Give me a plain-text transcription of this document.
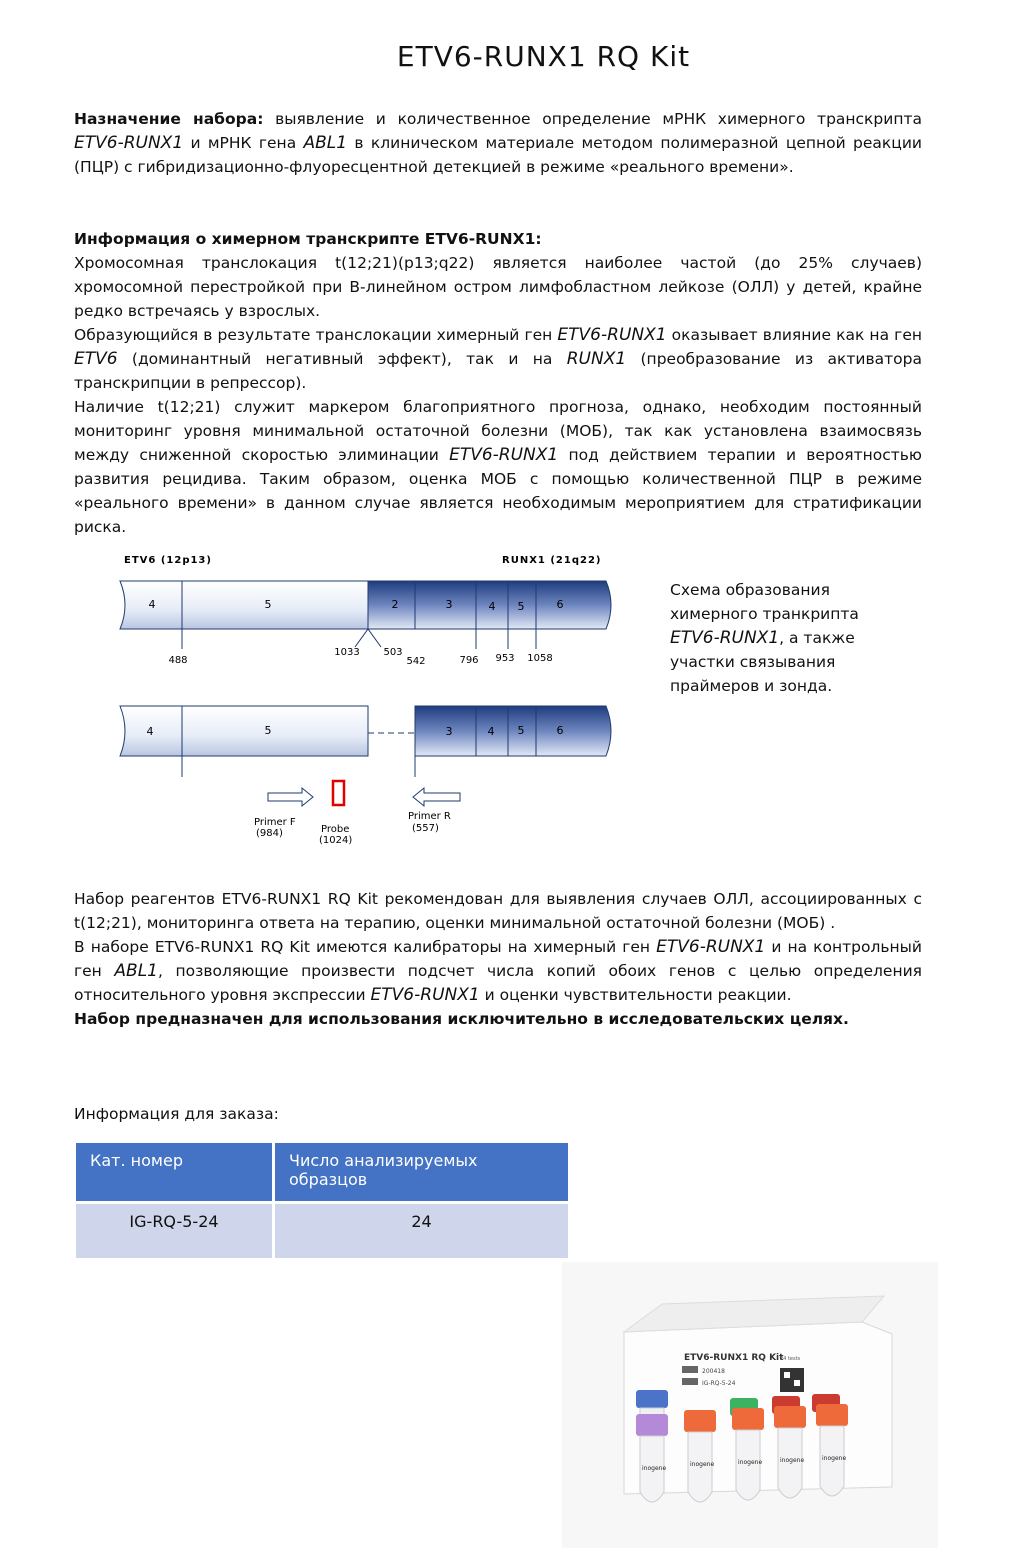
ETV6-RUNX1 RQ Kit
Назначение набора: выявление и количественное определение мРНК химерного транскрипта ETV6-RUNX1 и мРНК гена ABL1 в клиническом материале методом полимеразной цепной реакции (ПЦР) с гибридизационно-флуоресцентной детекцией в режиме «реального времени».
Информация о химерном транскрипте ETV6-RUNX1:
Хромосомная транслокация t(12;21)(p13;q22) является наиболее частой (до 25% случаев) хромосомной перестройкой при В-линейном остром лимфобластном лейкозе (ОЛЛ) у детей, крайне редко встречаясь у взрослых.
Образующийся в результате транслокации химерный ген ETV6-RUNX1 оказывает влияние как на ген ETV6 (доминантный негативный эффект), так и на RUNX1 (преобразование из активатора транскрипции в репрессор).
Наличие t(12;21) служит маркером благоприятного прогноза, однако, необходим постоянный мониторинг уровня минимальной остаточной болезни (МОБ), так как установлена взаимосвязь между сниженной скоростью элиминации ETV6-RUNX1 под действием терапии и вероятностью развития рецидива. Таким образом, оценка МОБ с помощью количественной ПЦР в режиме «реального времени» в данном случае является необходимым мероприятием для стратификации риска.
ETV6 (12p13)	RUNX1 (21q22)
4	5	2	3	4 5	6
488
1033 503
542	796 953 1058
4	5	3	4 5	6
Primer F
(984)	Probe
(1024)
Primer R
(557)
Схема образования химерного транкрипта ETV6-RUNX1, а также участки связывания праймеров и зонда.
Набор реагентов ETV6-RUNX1 RQ Kit рекомендован для выявления случаев ОЛЛ, ассоциированных с t(12;21), мониторинга ответа на терапию, оценки минимальной остаточной болезни (МОБ) .
В наборе ETV6-RUNX1 RQ Kit имеются калибраторы на химерный ген ETV6-RUNX1 и на контрольный ген ABL1, позволяющие произвести подсчет числа копий обоих генов с целью определения относительного уровня экспрессии ETV6-RUNX1 и оценки чувствительности реакции.
Набор предназначен для использования исключительно в исследовательских целях.
Информация для заказа:
Кат. номер	Число анализируемых образцов
IG-RQ-5-24	24
ETV6-RUNX1 RQ Kit
24 tests
200418
IG-RQ-5-24
inogene
inogene	inogene	inogene	inogene
